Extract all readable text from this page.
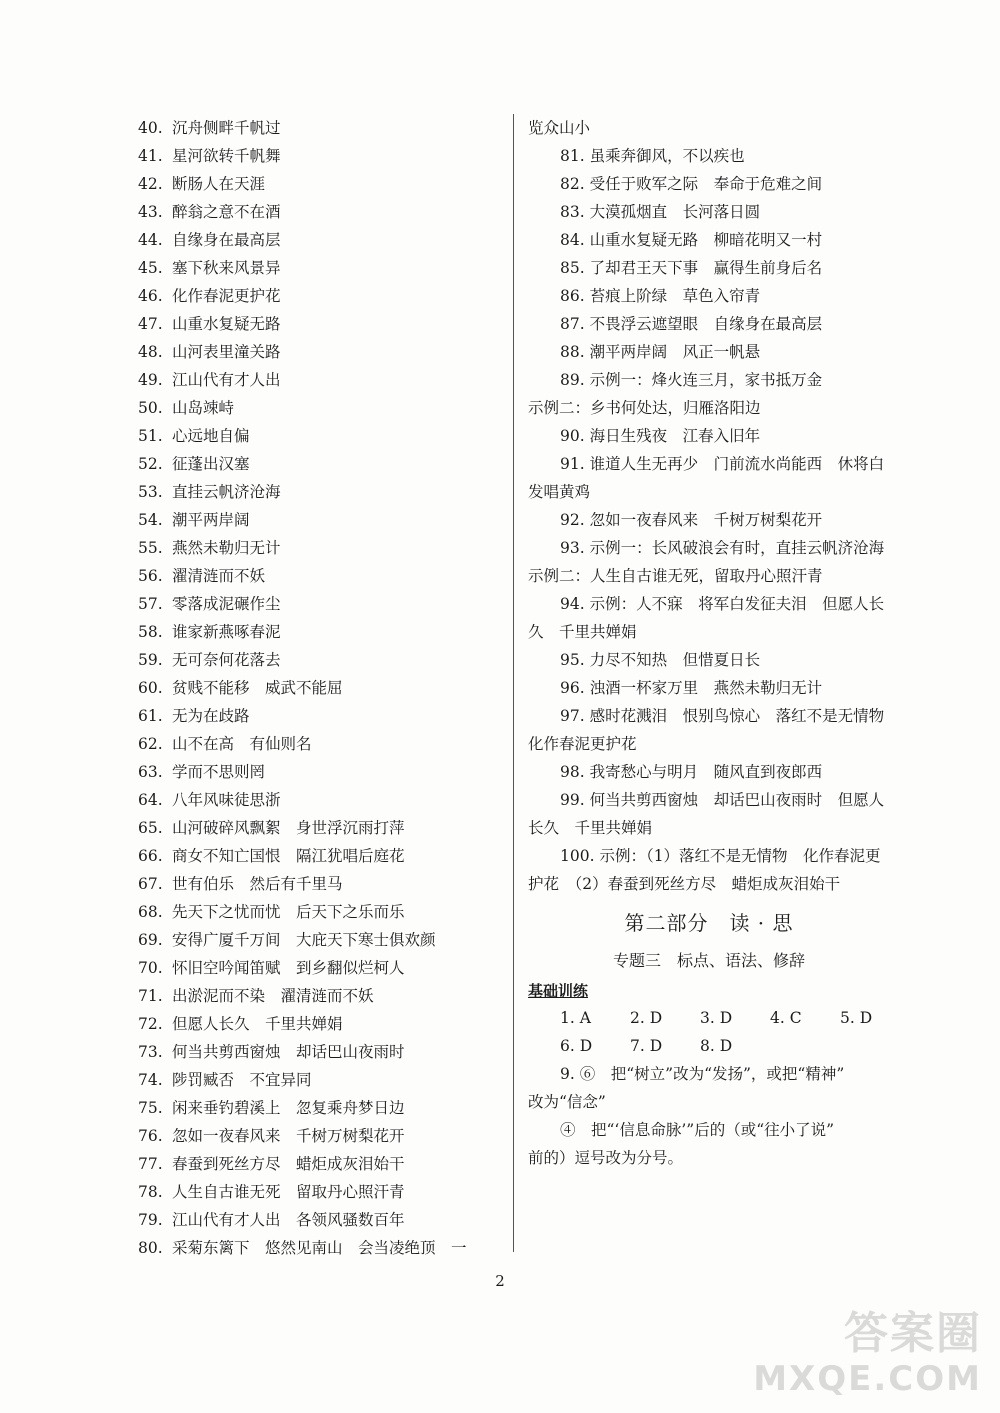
40. 沉舟侧畔千帆过
41. 星河欲转千帆舞
42. 断肠人在天涯
43. 醉翁之意不在酒
44. 自缘身在最高层
45. 塞下秋来风景异
46. 化作春泥更护花
47. 山重水复疑无路
48. 山河表里潼关路
49. 江山代有才人出
50. 山岛竦峙
51. 心远地自偏
52. 征蓬出汉塞
53. 直挂云帆济沧海
54. 潮平两岸阔
55. 燕然未勒归无计
56. 濯清涟而不妖
57. 零落成泥碾作尘
58. 谁家新燕啄春泥
59. 无可奈何花落去
60. 贫贱不能移　威武不能屈
61. 无为在歧路
62. 山不在高　有仙则名
63. 学而不思则罔
64. 八年风味徒思浙
65. 山河破碎风飘絮　身世浮沉雨打萍
66. 商女不知亡国恨　隔江犹唱后庭花
67. 世有伯乐　然后有千里马
68. 先天下之忧而忧　后天下之乐而乐
69. 安得广厦千万间　大庇天下寒士俱欢颜
70. 怀旧空吟闻笛赋　到乡翻似烂柯人
71. 出淤泥而不染　濯清涟而不妖
72. 但愿人长久　千里共婵娟
73. 何当共剪西窗烛　却话巴山夜雨时
74. 陟罚臧否　不宜异同
75. 闲来垂钓碧溪上　忽复乘舟梦日边
76. 忽如一夜春风来　千树万树梨花开
77. 春蚕到死丝方尽　蜡炬成灰泪始干
78. 人生自古谁无死　留取丹心照汗青
79. 江山代有才人出　各领风骚数百年
80. 采菊东篱下　悠然见南山　会当凌绝顶　一
览众山小
81. 虽乘奔御风，不以疾也
82. 受任于败军之际　奉命于危难之间
83. 大漠孤烟直　长河落日圆
84. 山重水复疑无路　柳暗花明又一村
85. 了却君王天下事　赢得生前身后名
86. 苔痕上阶绿　草色入帘青
87. 不畏浮云遮望眼　自缘身在最高层
88. 潮平两岸阔　风正一帆悬
89. 示例一：烽火连三月，家书抵万金
示例二：乡书何处达，归雁洛阳边
90. 海日生残夜　江春入旧年
91. 谁道人生无再少　门前流水尚能西　休将白
发唱黄鸡
92. 忽如一夜春风来　千树万树梨花开
93. 示例一：长风破浪会有时，直挂云帆济沧海
示例二：人生自古谁无死，留取丹心照汗青
94. 示例：人不寐　将军白发征夫泪　但愿人长
久　千里共婵娟
95. 力尽不知热　但惜夏日长
96. 浊酒一杯家万里　燕然未勒归无计
97. 感时花溅泪　恨别鸟惊心　落红不是无情物
化作春泥更护花
98. 我寄愁心与明月　随风直到夜郎西
99. 何当共剪西窗烛　却话巴山夜雨时　但愿人
长久　千里共婵娟
100. 示例：（1）落红不是无情物　化作春泥更
护花　（2）春蚕到死丝方尽　蜡炬成灰泪始干
第二部分　读 · 思
专题三　标点、语法、修辞
基础训练
1. A	2. D 3. D 4. C 5. D
6. D 7. D 8. D
9. ⑥　把“树立”改为“发扬”，或把“精神”
改为“信念”
④　把“‘信息命脉’”后的（或“往小了说”
前的）逗号改为分号。
2
答案圈
MXQE.COM
